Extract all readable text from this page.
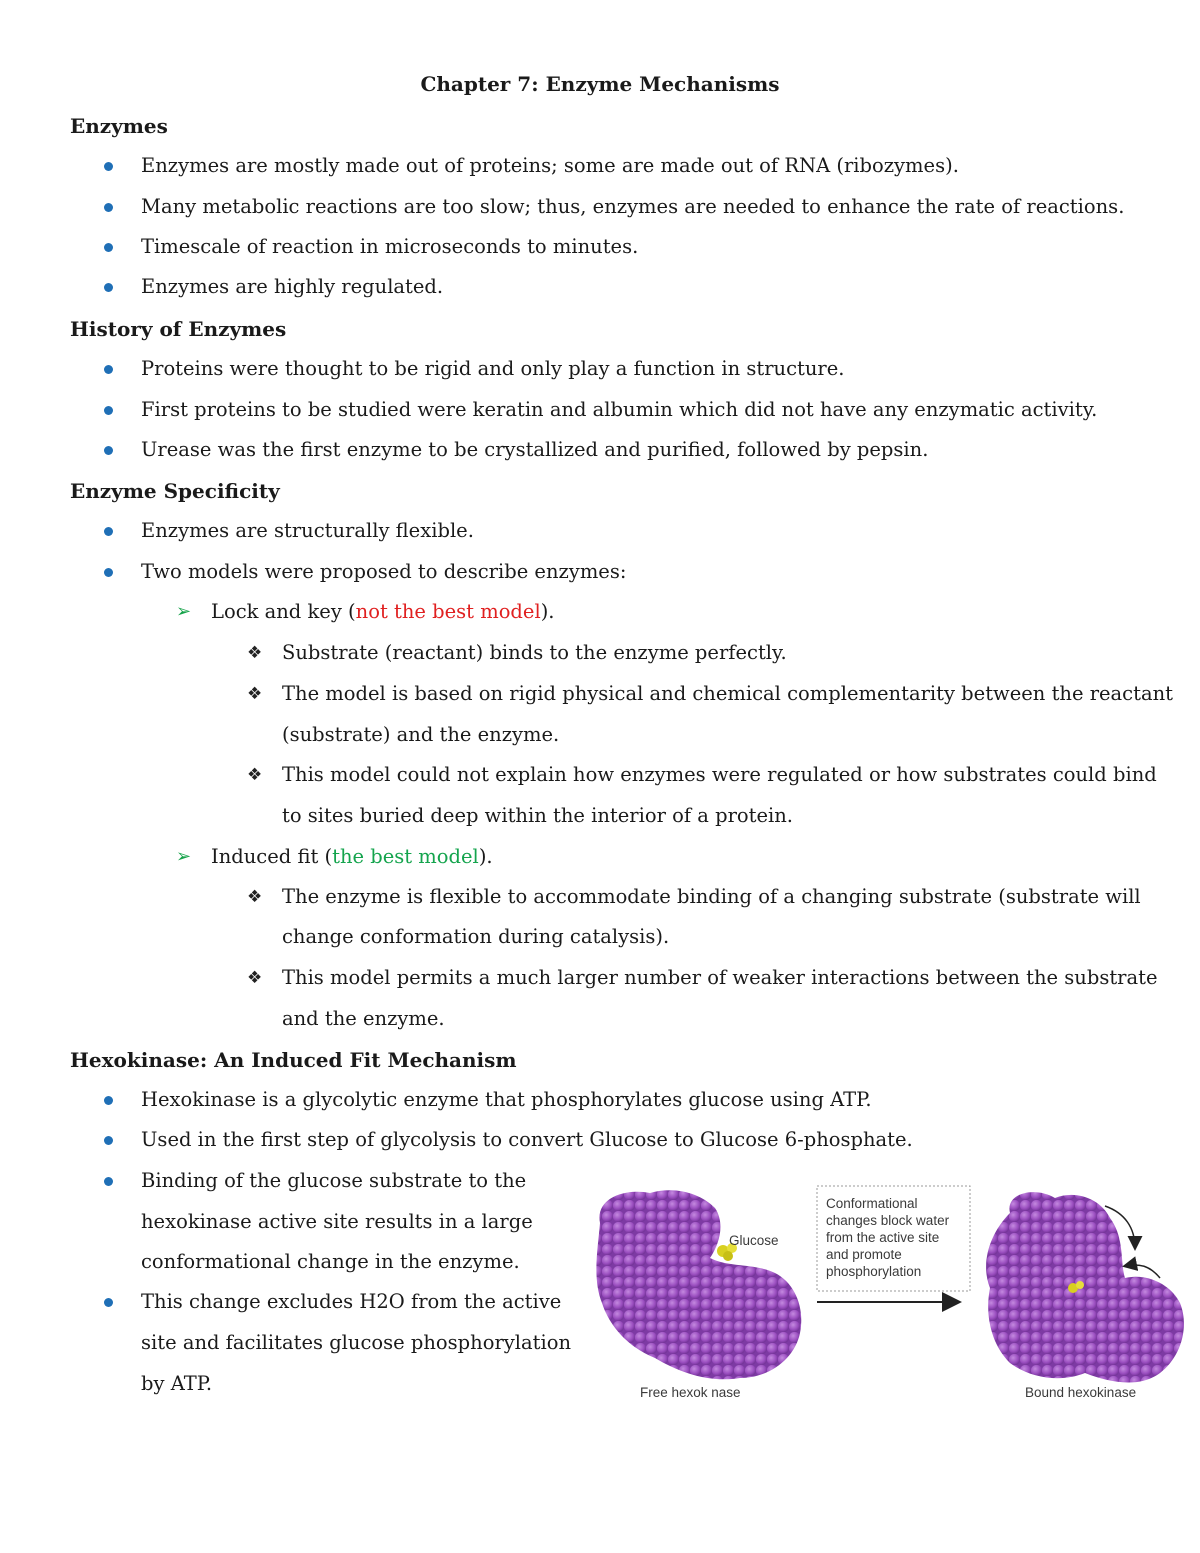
Chapter 7: Enzyme Mechanisms
Enzymes
Enzymes are mostly made out of proteins; some are made out of RNA (ribozymes).
Many metabolic reactions are too slow; thus, enzymes are needed to enhance the rate of reactions.
Timescale of reaction in microseconds to minutes.
Enzymes are highly regulated.
History of Enzymes
Proteins were thought to be rigid and only play a function in structure.
First proteins to be studied were keratin and albumin which did not have any enzymatic activity.
Urease was the first enzyme to be crystallized and purified, followed by pepsin.
Enzyme Specificity
Enzymes are structurally flexible.
Two models were proposed to describe enzymes:
➢ Lock and key (not the best model).
❖ Substrate (reactant) binds to the enzyme perfectly.
❖ The model is based on rigid physical and chemical complementarity between the reactant
(substrate) and the enzyme.
❖ This model could not explain how enzymes were regulated or how substrates could bind
to sites buried deep within the interior of a protein.
➢ Induced fit (the best model).
❖ The enzyme is flexible to accommodate binding of a changing substrate (substrate will
change conformation during catalysis).
❖ This model permits a much larger number of weaker interactions between the substrate
and the enzyme.
Hexokinase: An Induced Fit Mechanism
Hexokinase is a glycolytic enzyme that phosphorylates glucose using ATP.
Used in the first step of glycolysis to convert Glucose to Glucose 6-phosphate.
Binding of the glucose substrate to the
hexokinase active site results in a large
conformational change in the enzyme.
This change excludes H2O from the active
site and facilitates glucose phosphorylation
by ATP.
Glucose
Conformational
changes block water
from the active site
and promote
phosphorylation
Free hexok nase	Bound hexokinase
